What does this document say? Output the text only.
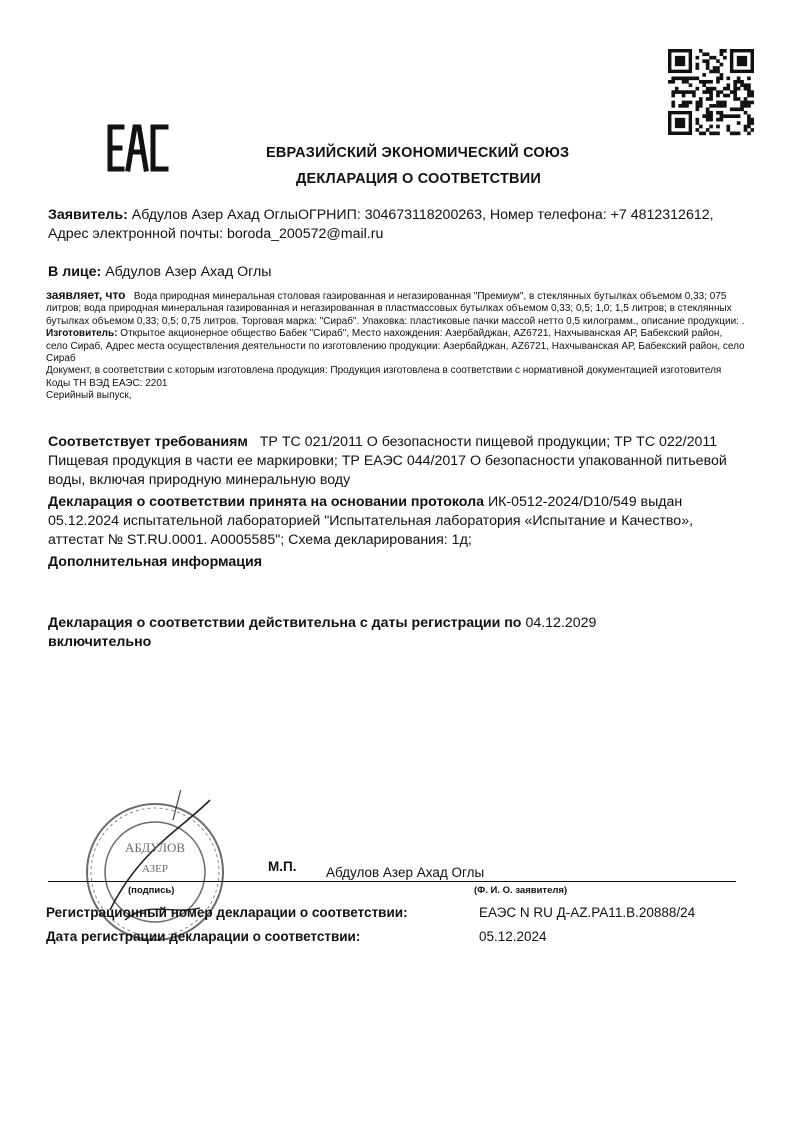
ЕВРАЗИЙСКИЙ ЭКОНОМИЧЕСКИЙ СОЮЗ
ДЕКЛАРАЦИЯ О СООТВЕТСТВИИ
Заявитель: Абдулов Азер Ахад ОглыОГРНИП: 304673118200263, Номер телефона: +7 4812312612, Адрес электронной почты: boroda_200572@mail.ru
В лице: Абдулов Азер Ахад Оглы
заявляет, что Вода природная минеральная столовая газированная и негазированная "Премиум", в стеклянных бутылках объемом 0,33; 075 литров; вода природная минеральная газированная и негазированная в пластмассовых бутылках объемом 0,33; 0,5; 1,0; 1,5 литров; в стеклянных бутылках объемом 0,33; 0,5; 0,75 литров. Торговая марка: "Сираб". Упаковка: пластиковые пачки массой нетто 0,5 килограмм., описание продукции: .
Изготовитель: Открытое акционерное общество Бабек "Сираб", Место нахождения: Азербайджан, AZ6721, Нахчыванская АР, Бабекский район, село Сираб, Адрес места осуществления деятельности по изготовлению продукции: Азербайджан, AZ6721, Нахчыванская АР, Бабекский район, село Сираб
Документ, в соответствии с которым изготовлена продукция: Продукция изготовлена в соответствии с нормативной документацией изготовителя
Коды ТН ВЭД ЕАЭС: 2201
Серийный выпуск,
Соответствует требованиям ТР ТС 021/2011 О безопасности пищевой продукции; ТР ТС 022/2011 Пищевая продукция в части ее маркировки; ТР ЕАЭС 044/2017 О безопасности упакованной питьевой воды, включая природную минеральную воду
Декларация о соответствии принята на основании протокола ИК-0512-2024/D10/549 выдан 05.12.2024 испытательной лабораторией "Испытательная лаборатория «Испытание и Качество», аттестат № ST.RU.0001. A0005585"; Схема декларирования: 1д;
Дополнительная информация
Декларация о соответствии действительна с даты регистрации по 04.12.2029
включительно
АБДУЛОВ
АЗЕР	М.П. Абдулов Азер Ахад Оглы
(подпись)	(Ф. И. О. заявителя)
Регистрационный номер декларации о соответствии:	ЕАЭС N RU Д-AZ.PA11.B.20888/24
Дата регистрации декларации о соответствии:	05.12.2024
